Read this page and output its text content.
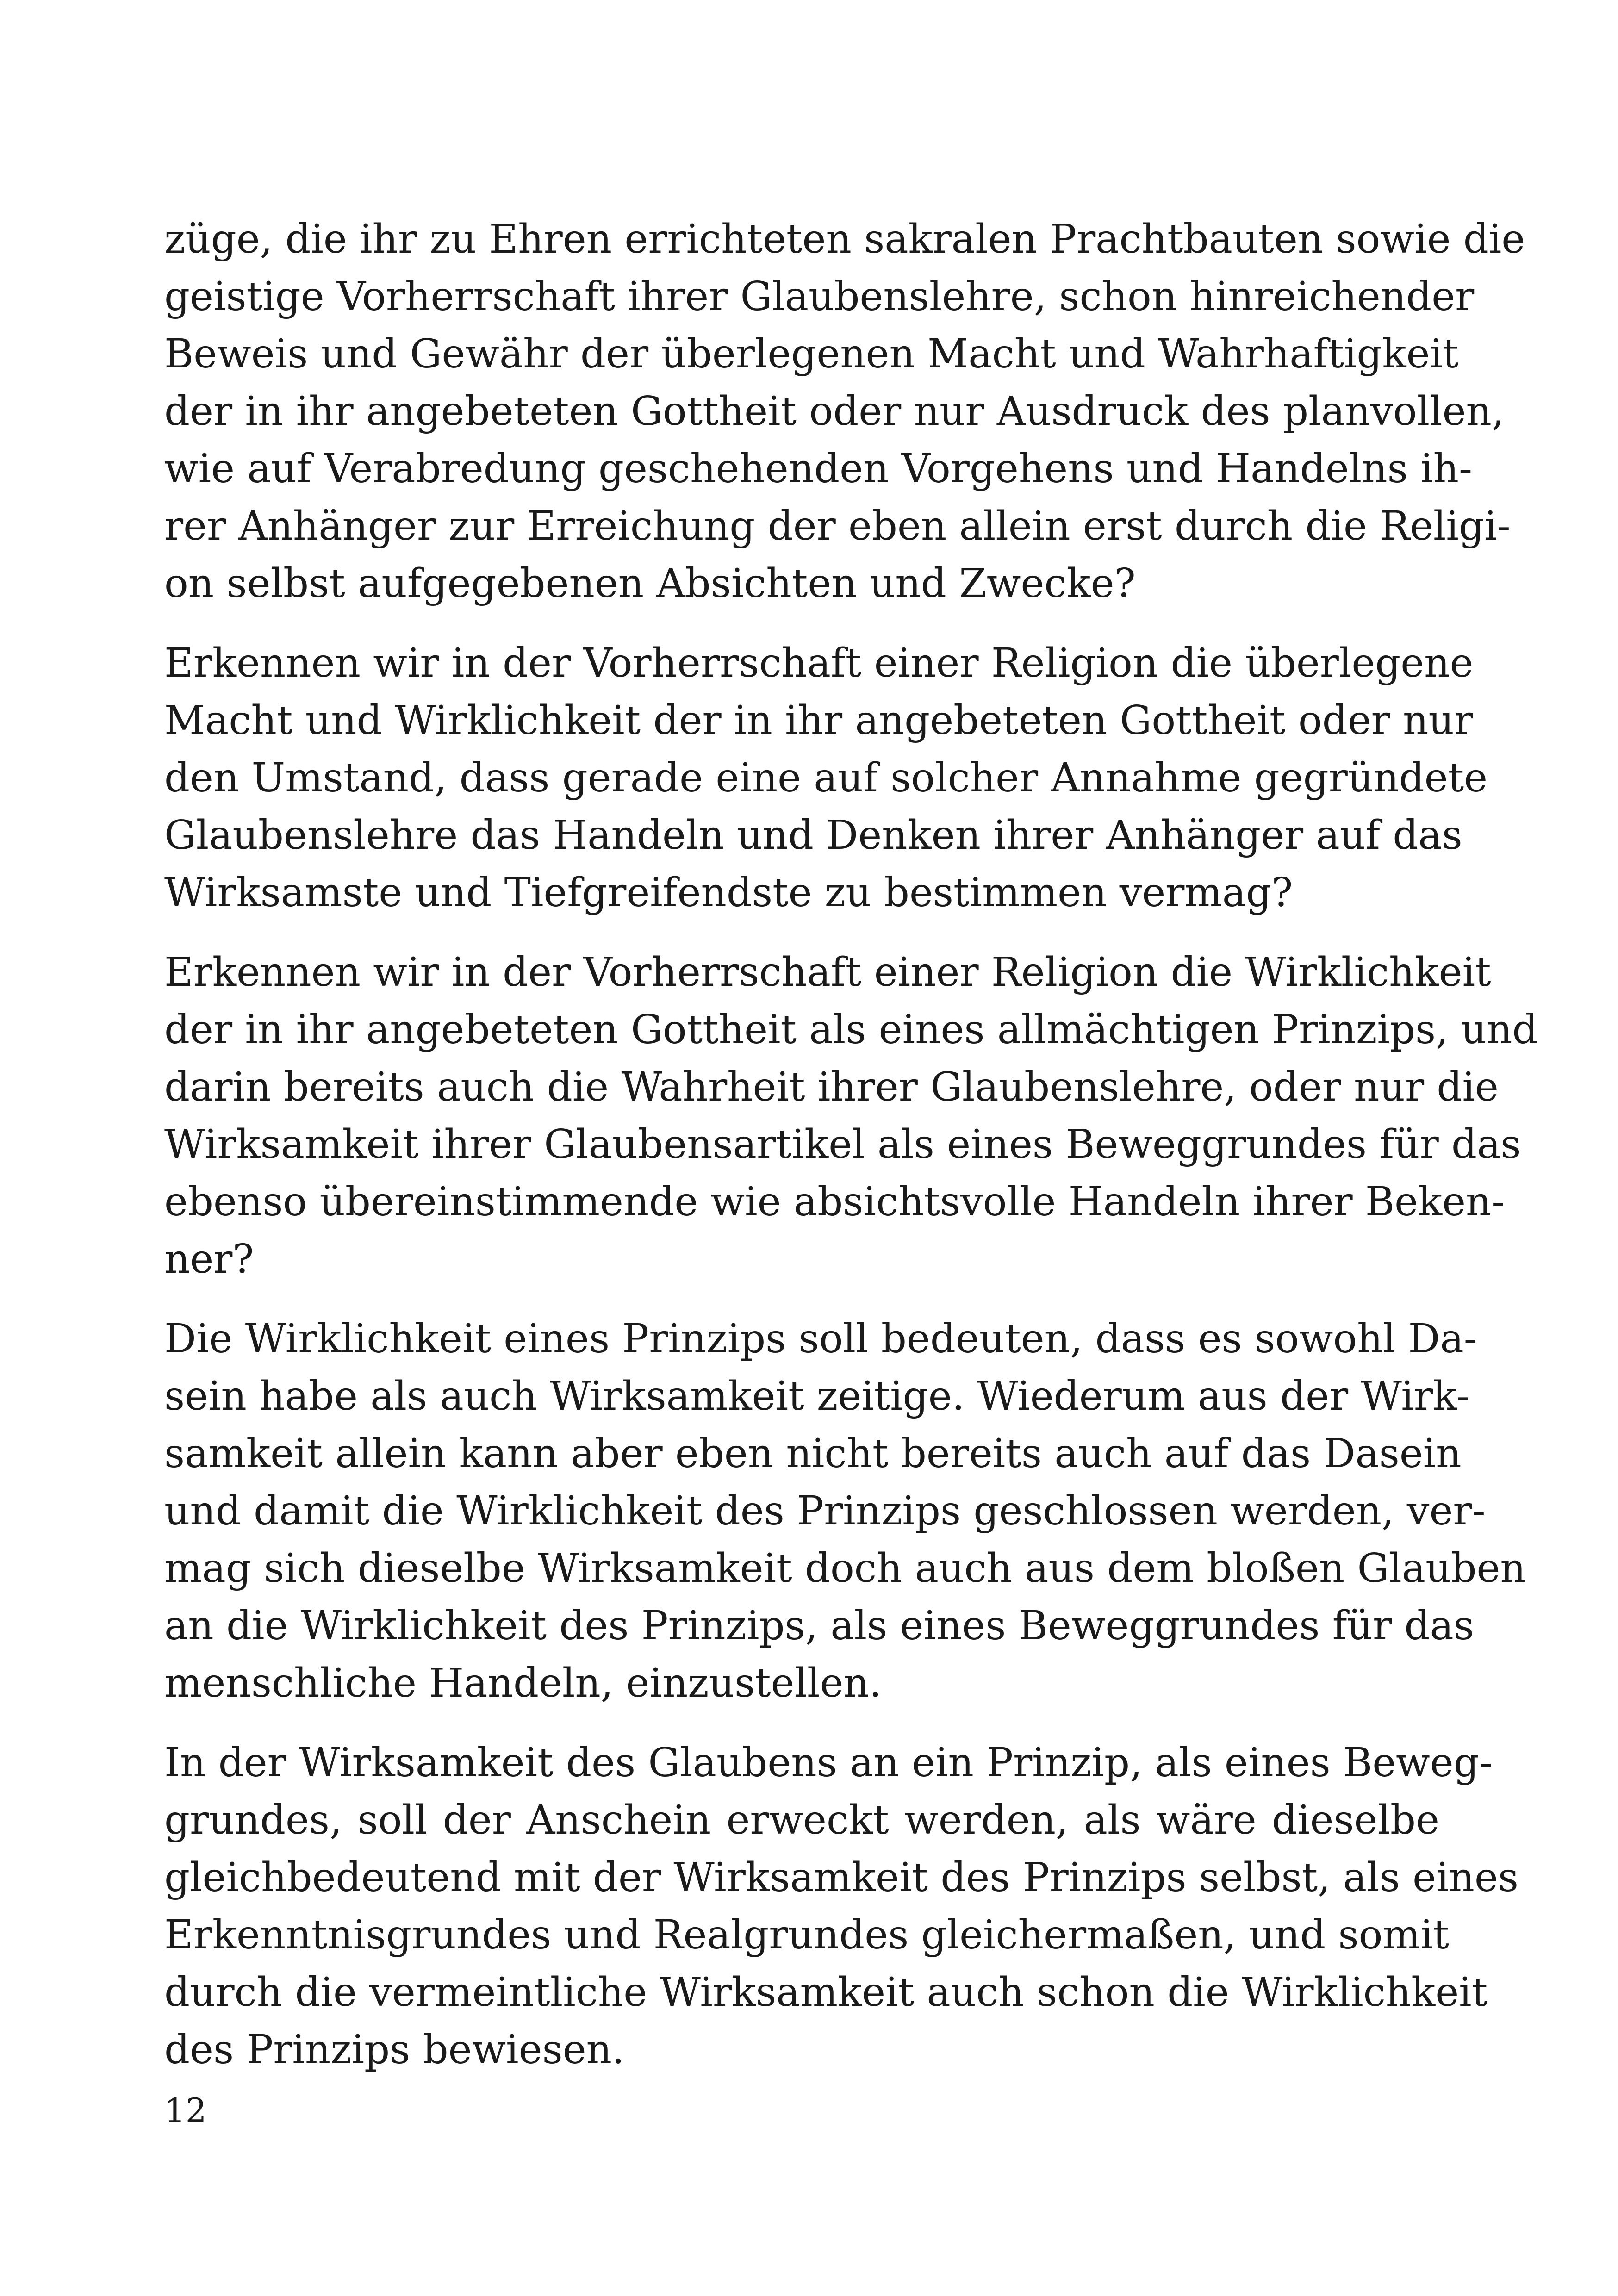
züge, die ihr zu Ehren errichteten sakralen Prachtbauten sowie die
geistige Vorherrschaft ihrer Glaubenslehre, schon hinreichender
Beweis und Gewähr der überlegenen Macht und Wahrhaftigkeit
der in ihr angebeteten Gottheit oder nur Ausdruck des planvollen,
wie auf Verabredung geschehenden Vorgehens und Handelns ih-
rer Anhänger zur Erreichung der eben allein erst durch die Religi-
on selbst aufgegebenen Absichten und Zwecke?

Erkennen wir in der Vorherrschaft einer Religion die überlegene
Macht und Wirklichkeit der in ihr angebeteten Gottheit oder nur
den Umstand, dass gerade eine auf solcher Annahme gegründete
Glaubenslehre das Handeln und Denken ihrer Anhänger auf das
Wirksamste und Tiefgreifendste zu bestimmen vermag?

Erkennen wir in der Vorherrschaft einer Religion die Wirklichkeit
der in ihr angebeteten Gottheit als eines allmächtigen Prinzips, und
darin bereits auch die Wahrheit ihrer Glaubenslehre, oder nur die
Wirksamkeit ihrer Glaubensartikel als eines Beweggrundes für das
ebenso übereinstimmende wie absichtsvolle Handeln ihrer Beken-
ner?

Die Wirklichkeit eines Prinzips soll bedeuten, dass es sowohl Da-
sein habe als auch Wirksamkeit zeitige. Wiederum aus der Wirk-
samkeit allein kann aber eben nicht bereits auch auf das Dasein
und damit die Wirklichkeit des Prinzips geschlossen werden, ver-
mag sich dieselbe Wirksamkeit doch auch aus dem bloßen Glauben
an die Wirklichkeit des Prinzips, als eines Beweggrundes für das
menschliche Handeln, einzustellen.

In der Wirksamkeit des Glaubens an ein Prinzip, als eines Beweg-
grundes, soll der Anschein erweckt werden, als wäre dieselbe
gleichbedeutend mit der Wirksamkeit des Prinzips selbst, als eines
Erkenntnisgrundes und Realgrundes gleichermaßen, und somit
durch die vermeintliche Wirksamkeit auch schon die Wirklichkeit
des Prinzips bewiesen.

12
